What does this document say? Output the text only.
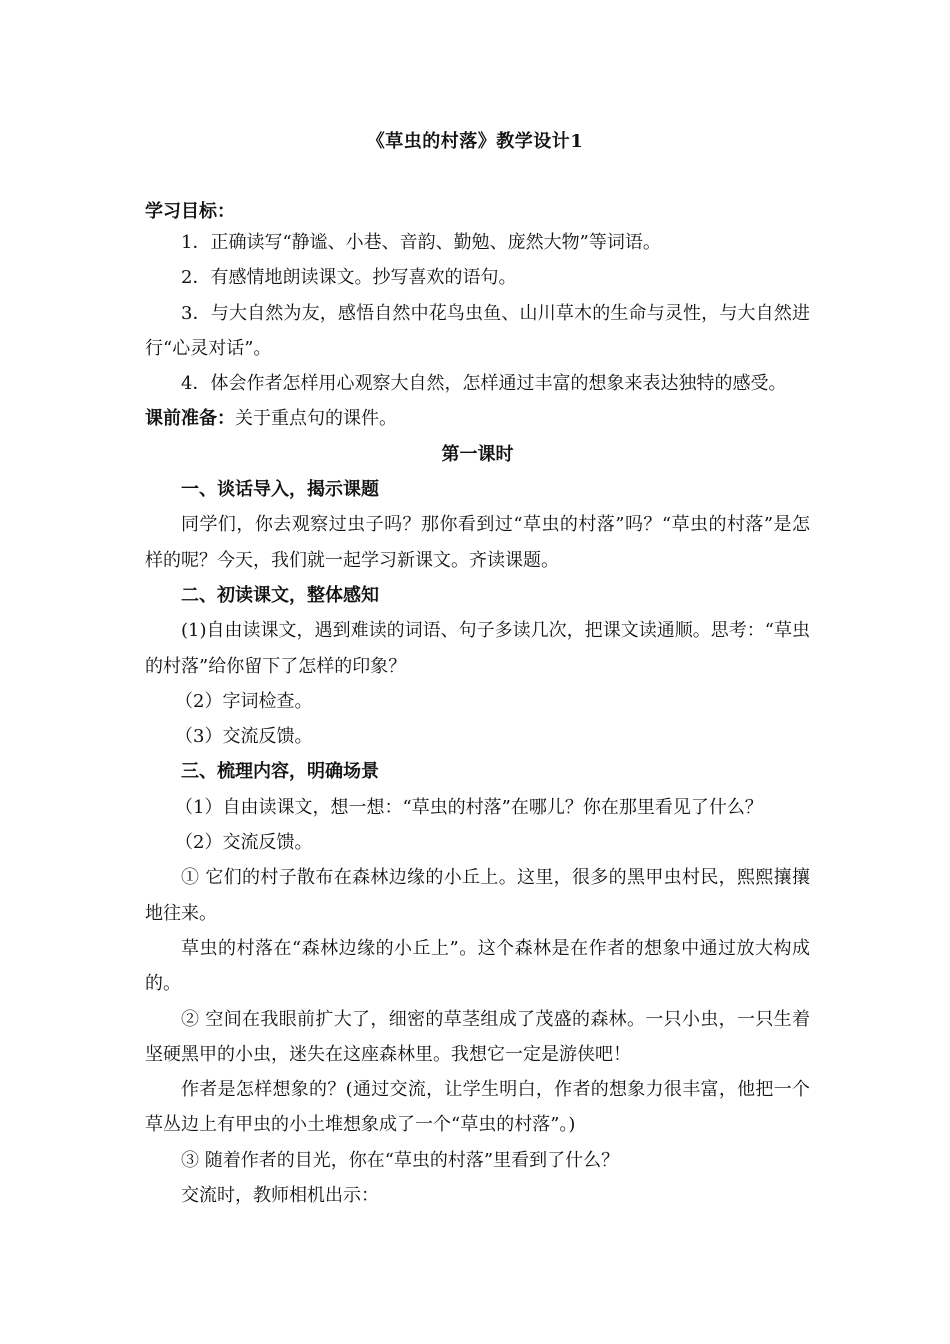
《草虫的村落》教学设计1
学习目标：

1．正确读写“静谧、小巷、音韵、勤勉、庞然大物”等词语。

2．有感情地朗读课文。抄写喜欢的语句。

3．与大自然为友，感悟自然中花鸟虫鱼、山川草木的生命与灵性，与大自然进行“心灵对话”。

4．体会作者怎样用心观察大自然，怎样通过丰富的想象来表达独特的感受。

课前准备：关于重点句的课件。

第一课时

一、谈话导入，揭示课题

同学们，你去观察过虫子吗？那你看到过“草虫的村落”吗？“草虫的村落”是怎样的呢？今天，我们就一起学习新课文。齐读课题。

二、初读课文，整体感知

(1)自由读课文，遇到难读的词语、句子多读几次，把课文读通顺。思考：“草虫的村落”给你留下了怎样的印象？

（2）字词检查。

（3）交流反馈。

三、梳理内容，明确场景

（1）自由读课文，想一想：“草虫的村落”在哪儿？你在那里看见了什么？

（2）交流反馈。

① 它们的村子散布在森林边缘的小丘上。这里，很多的黑甲虫村民，熙熙攘攘地往来。

草虫的村落在“森林边缘的小丘上”。这个森林是在作者的想象中通过放大构成的。

② 空间在我眼前扩大了，细密的草茎组成了茂盛的森林。一只小虫，一只生着坚硬黑甲的小虫，迷失在这座森林里。我想它一定是游侠吧！

作者是怎样想象的？(通过交流，让学生明白，作者的想象力很丰富，他把一个草丛边上有甲虫的小土堆想象成了一个“草虫的村落”。)

③ 随着作者的目光，你在“草虫的村落”里看到了什么？

交流时，教师相机出示：
